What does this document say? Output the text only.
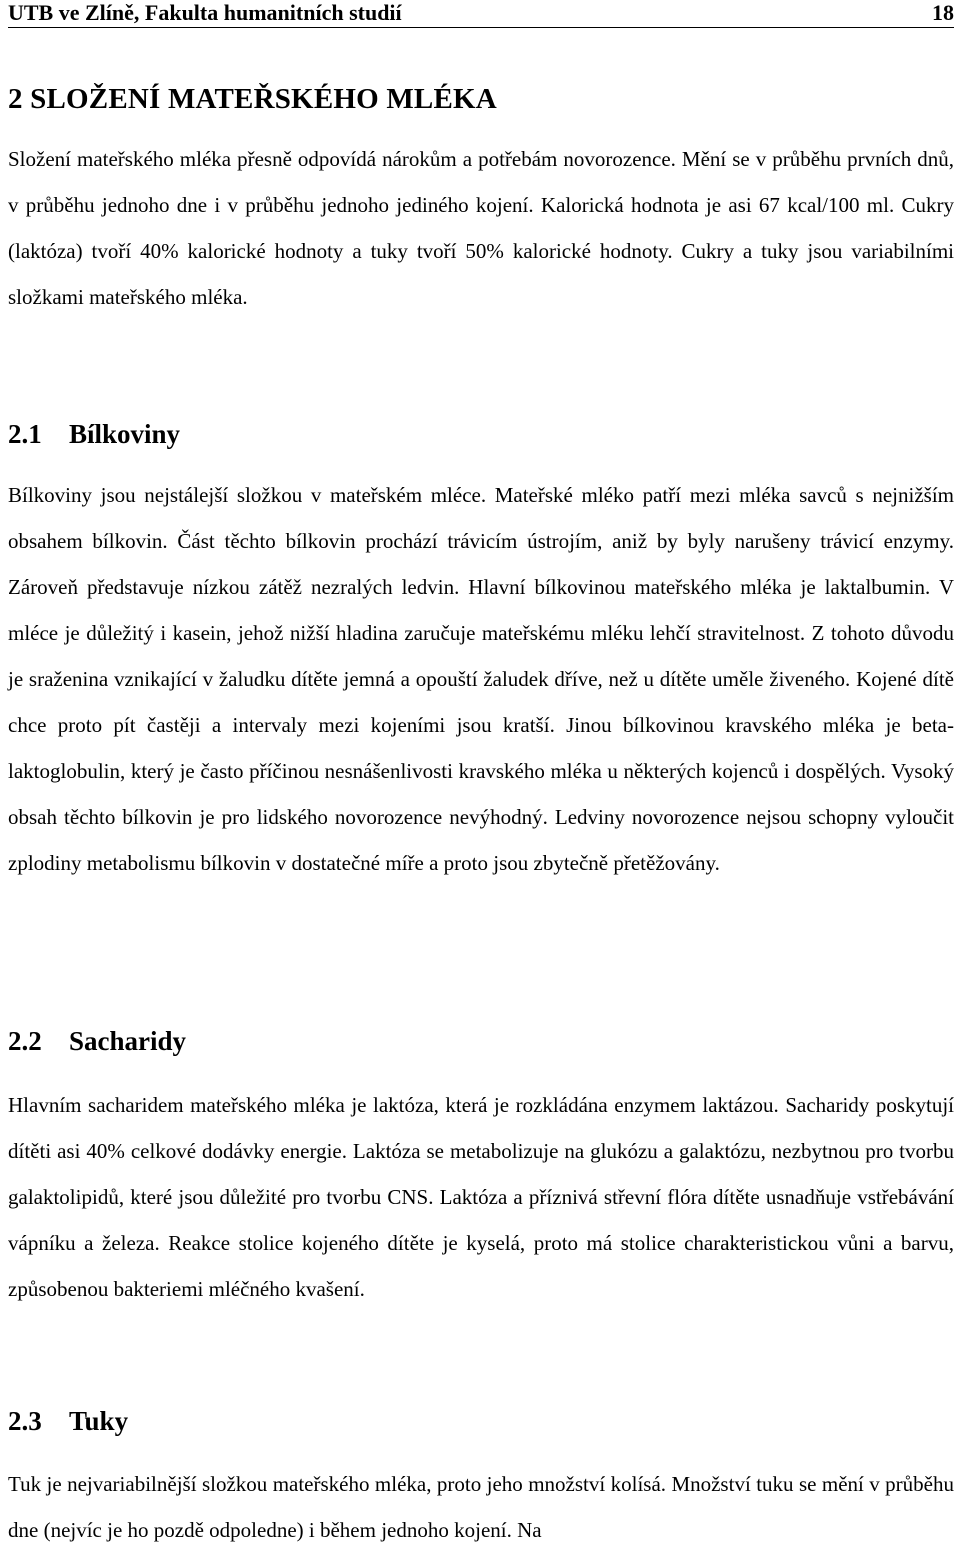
UTB ve Zlíně, Fakulta humanitních studií	18
2 SLOŽENÍ MATEŘSKÉHO MLÉKA

Složení mateřského mléka přesně odpovídá nárokům a potřebám novorozence. Mění se v průběhu prvních dnů, v průběhu jednoho dne i v průběhu jednoho jediného kojení. Kalorická hodnota je asi 67 kcal/100 ml. Cukry (laktóza) tvoří 40% kalorické hodnoty a tuky tvoří 50% kalorické hodnoty. Cukry a tuky jsou variabilními složkami mateřského mléka.

2.1 Bílkoviny

Bílkoviny jsou nejstálejší složkou v mateřském mléce. Mateřské mléko patří mezi mléka savců s nejnižším obsahem bílkovin. Část těchto bílkovin prochází trávicím ústrojím, aniž by byly narušeny trávicí enzymy. Zároveň představuje nízkou zátěž nezralých ledvin. Hlavní bílkovinou mateřského mléka je laktalbumin. V mléce je důležitý i kasein, jehož nižší hladina zaručuje mateřskému mléku lehčí stravitelnost. Z tohoto důvodu je sraženina vznikající v žaludku dítěte jemná a opouští žaludek dříve, než u dítěte uměle živeného. Kojené dítě chce proto pít častěji a intervaly mezi kojeními jsou kratší. Jinou bílkovinou kravského mléka je beta-laktoglobulin, který je často příčinou nesnášenlivosti kravského mléka u některých kojenců i dospělých. Vysoký obsah těchto bílkovin je pro lidského novorozence nevýhodný. Ledviny novorozence nejsou schopny vyloučit zplodiny metabolismu bílkovin v dostatečné míře a proto jsou zbytečně přetěžovány.

2.2 Sacharidy

Hlavním sacharidem mateřského mléka je laktóza, která je rozkládána enzymem laktázou. Sacharidy poskytují dítěti asi 40% celkové dodávky energie. Laktóza se metabolizuje na glukózu a galaktózu, nezbytnou pro tvorbu galaktolipidů, které jsou důležité pro tvorbu CNS. Laktóza a příznivá střevní flóra dítěte usnadňuje vstřebávání vápníku a železa. Reakce stolice kojeného dítěte je kyselá, proto má stolice charakteristickou vůni a barvu, způsobenou bakteriemi mléčného kvašení.

2.3 Tuky

Tuk je nejvariabilnější složkou mateřského mléka, proto jeho množství kolísá. Množství tuku se mění v průběhu dne (nejvíc je ho pozdě odpoledne) i během jednoho kojení. Na
